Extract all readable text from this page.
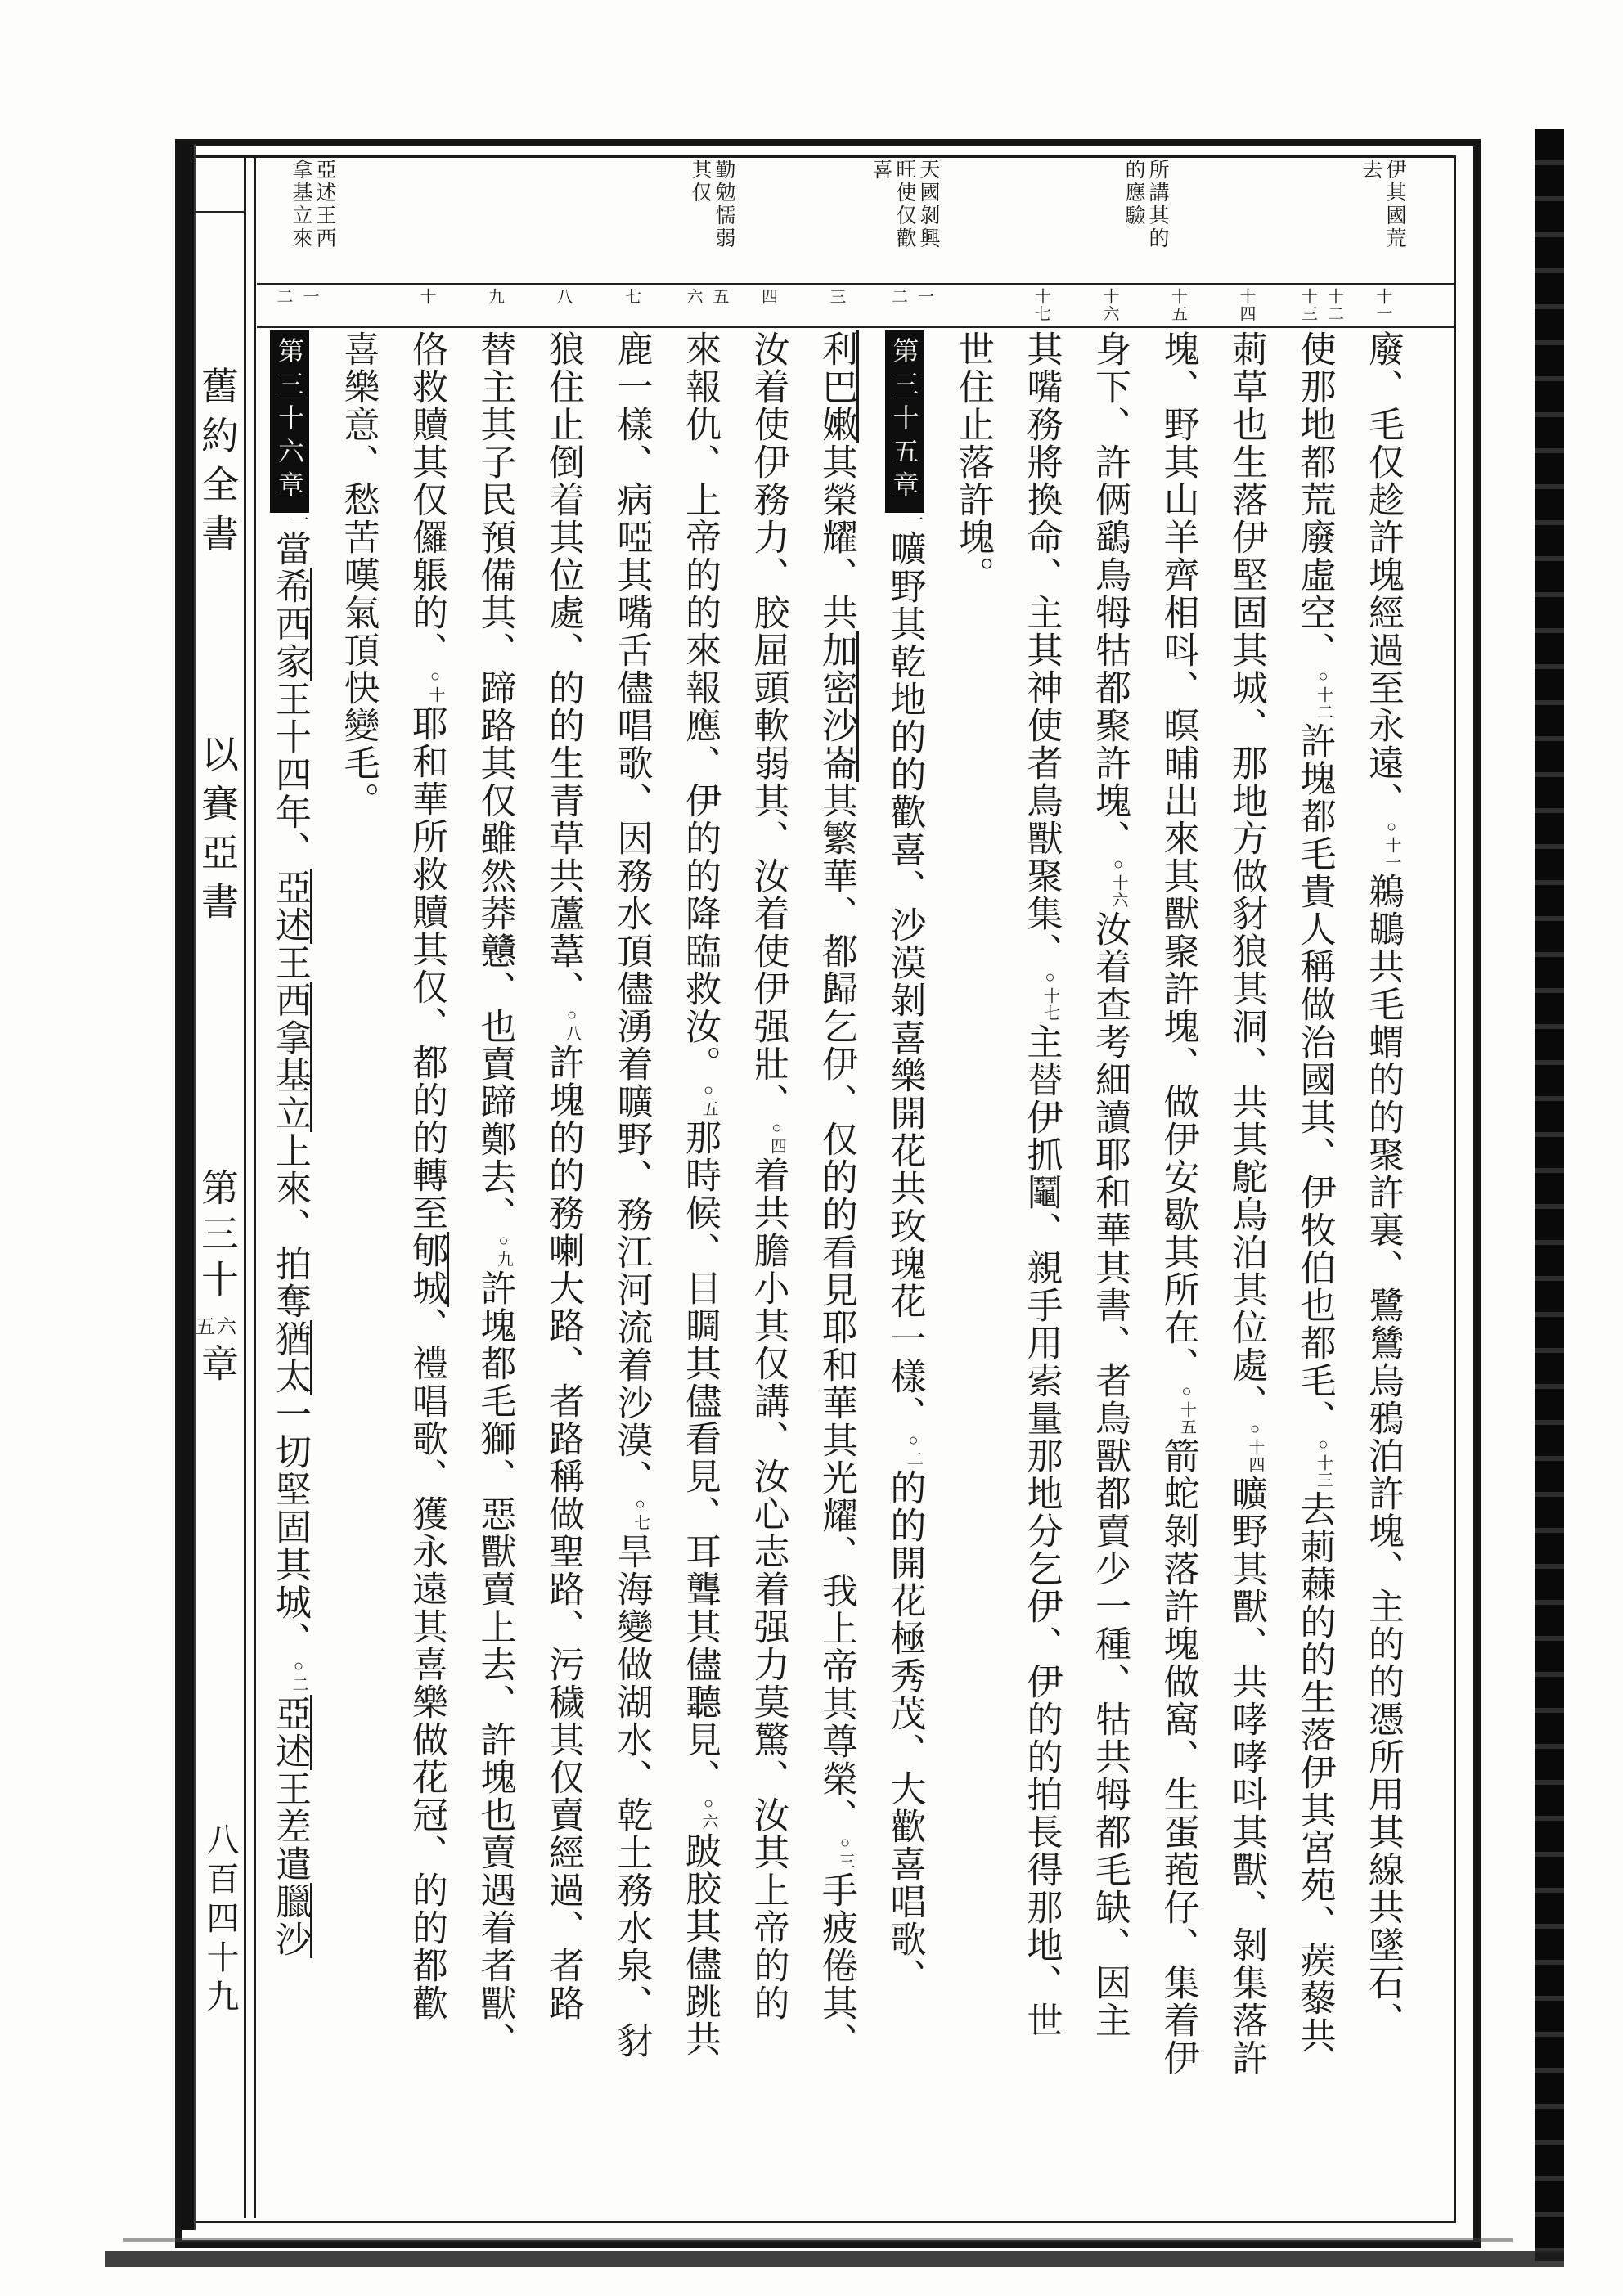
舊約全書
以賽亞書
第三十五六章
八百四十九
伊其國荒
去
所講其的
的應驗
天國剝興
旺使仅歡
喜
勤勉懦弱
其仅
亞述王西
拿基立來
十一
十二
十三
十四
十五
十六
十七
一
二
三
四
五
六
七
八
九
十
一
二
廢、毛仅趁許塊經過至永遠、○十一鵜鶘共毛蝟的的聚許裏、鷺鷥烏鴉泊許塊、主的的憑所用其線共墜石、
使那地都荒廢虛空、○十二許塊都毛貴人稱做治國其、伊牧伯也都毛、○十三去莿蕀的的生落伊其宮苑、蒺藜共
莿草也生落伊堅固其城、那地方做豺狼其洞、共其鴕鳥泊其位處、○十四曠野其獸、共哮哮呌其獸、剝集落許
塊、野其山羊齊相呌、暝晡出來其獸聚許塊、做伊安歇其所在、○十五箭蛇剝落許塊做窩、生蛋菢仔、集着伊
身下、許俩鷂鳥牳牯都聚許塊、○十六汝着查考細讀耶和華其書、者鳥獸都賣少一種、牯共牳都毛缺、因主
其嘴務將換命、主其神使者鳥獸聚集、○十七主替伊抓鬮、親手用索量那地分乞伊、伊的的拍長得那地、世
世住止落許塊。
第三十五章一曠野其乾地的的歡喜、沙漠剝喜樂開花共玫瑰花一樣、○二的的開花極秀茂、大歡喜唱歌、
利巴嫩其榮耀、共加密沙崙其繁華、都歸乞伊、仅的的看見耶和華其光耀、我上帝其尊榮、○三手疲倦其、
汝着使伊務力、胶屈頭軟弱其、汝着使伊强壯、○四着共膽小其仅講、汝心志着强力莫驚、汝其上帝的的
來報仇、上帝的的來報應、伊的的降臨救汝。○五那時候、目睭其儘看見、耳聾其儘聽見、○六跛胶其儘跳共
鹿一樣、病啞其嘴舌儘唱歌、因務水頂儘湧着曠野、務江河流着沙漠、○七旱海變做湖水、乾土務水泉、豺
狼住止倒着其位處、的的生青草共蘆葦、○八許塊的的務喇大路、者路稱做聖路、污穢其仅賣經過、者路
替主其子民預備其、蹄路其仅雖然莽戇、也賣蹄鄭去、○九許塊都毛獅、惡獸賣上去、許塊也賣遇着者獸、
佫救贖其仅儸躼的、○十耶和華所救贖其仅、都的的轉至郇城、禮唱歌、獲永遠其喜樂做花冠、的的都歡
喜樂意、愁苦嘆氣頂快變毛。
第三十六章一當希西家王十四年、亞述王西拿基立上來、拍奪猶太一切堅固其城、○二亞述王差遣臘沙
